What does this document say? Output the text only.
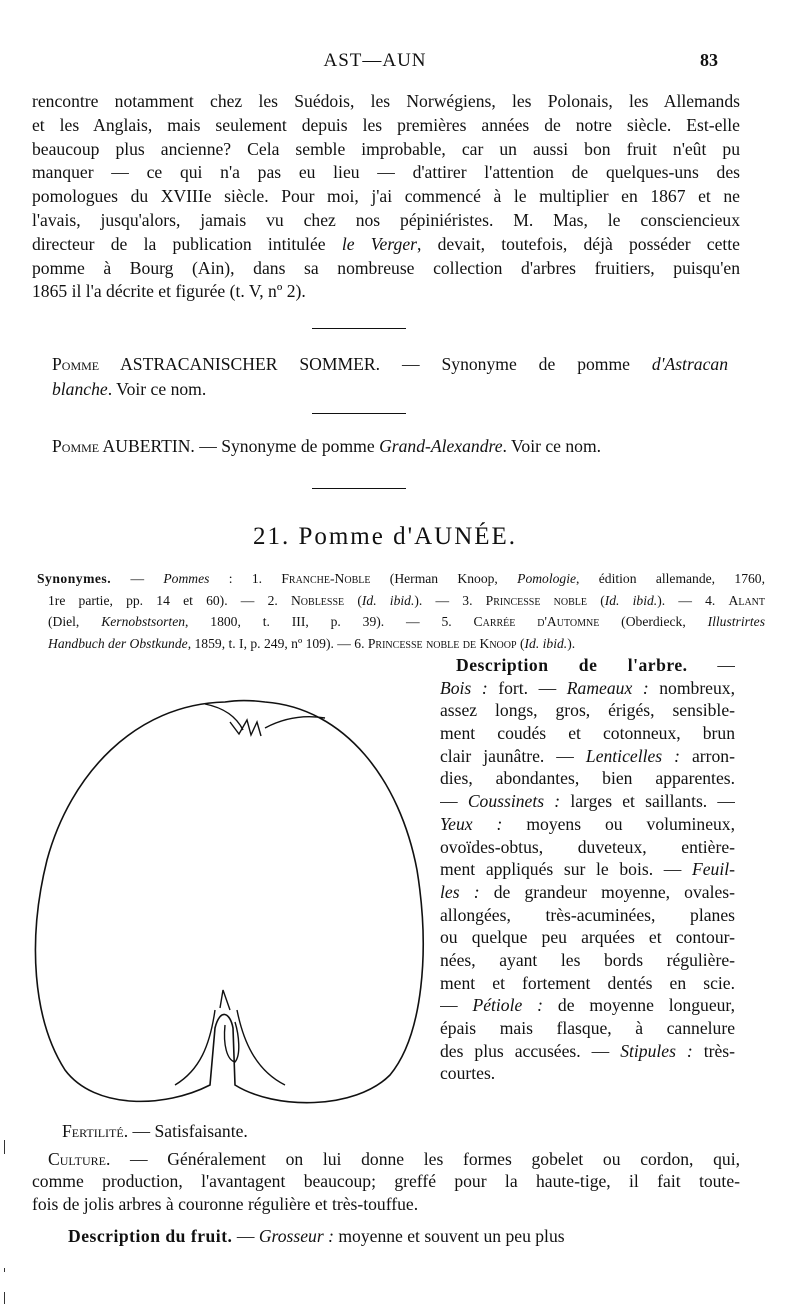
AST—AUN	83
rencontre notamment chez les Suédois, les Norwégiens, les Polonais, les Allemands
et les Anglais, mais seulement depuis les premières années de notre siècle. Est-elle
beaucoup plus ancienne? Cela semble improbable, car un aussi bon fruit n'eût pu
manquer — ce qui n'a pas eu lieu — d'attirer l'attention de quelques-uns des
pomologues du XVIIIe siècle. Pour moi, j'ai commencé à le multiplier en 1867 et ne
l'avais, jusqu'alors, jamais vu chez nos pépiniéristes. M. Mas, le consciencieux
directeur de la publication intitulée le Verger, devait, toutefois, déjà posséder cette
pomme à Bourg (Ain), dans sa nombreuse collection d'arbres fruitiers, puisqu'en
1865 il l'a décrite et figurée (t. V, nº 2).
Pomme ASTRACANISCHER SOMMER. — Synonyme de pomme d'Astracan
blanche. Voir ce nom.
Pomme AUBERTIN. — Synonyme de pomme Grand-Alexandre. Voir ce nom.
21. Pomme d'AUNÉE.
Synonymes. — Pommes : 1. Franche-Noble (Herman Knoop, Pomologie, édition allemande, 1760,
1re partie, pp. 14 et 60). — 2. Noblesse (Id. ibid.). — 3. Princesse noble (Id. ibid.). — 4. Alant
(Diel, Kernobstsorten, 1800, t. III, p. 39). — 5. Carrée d'Automne (Oberdieck, Illustrirtes
Handbuch der Obstkunde, 1859, t. I, p. 249, nº 109). — 6. Princesse noble de Knoop (Id. ibid.).
Description de l'arbre. —
Bois : fort. — Rameaux : nombreux,
assez longs, gros, érigés, sensible-
ment coudés et cotonneux, brun
clair jaunâtre. — Lenticelles : arron-
dies, abondantes, bien apparentes.
— Coussinets : larges et saillants. —
Yeux : moyens ou volumineux,
ovoïdes-obtus, duveteux, entière-
ment appliqués sur le bois. — Feuil-
les : de grandeur moyenne, ovales-
allongées, très-acuminées, planes
ou quelque peu arquées et contour-
nées, ayant les bords régulière-
ment et fortement dentés en scie.
— Pétiole : de moyenne longueur,
épais mais flasque, à cannelure
des plus accusées. — Stipules : très-
courtes.
Fertilité. — Satisfaisante.
Culture. — Généralement on lui donne les formes gobelet ou cordon, qui,
comme production, l'avantagent beaucoup; greffé pour la haute-tige, il fait toute-
fois de jolis arbres à couronne régulière et très-touffue.
Description du fruit. — Grosseur : moyenne et souvent un peu plus
